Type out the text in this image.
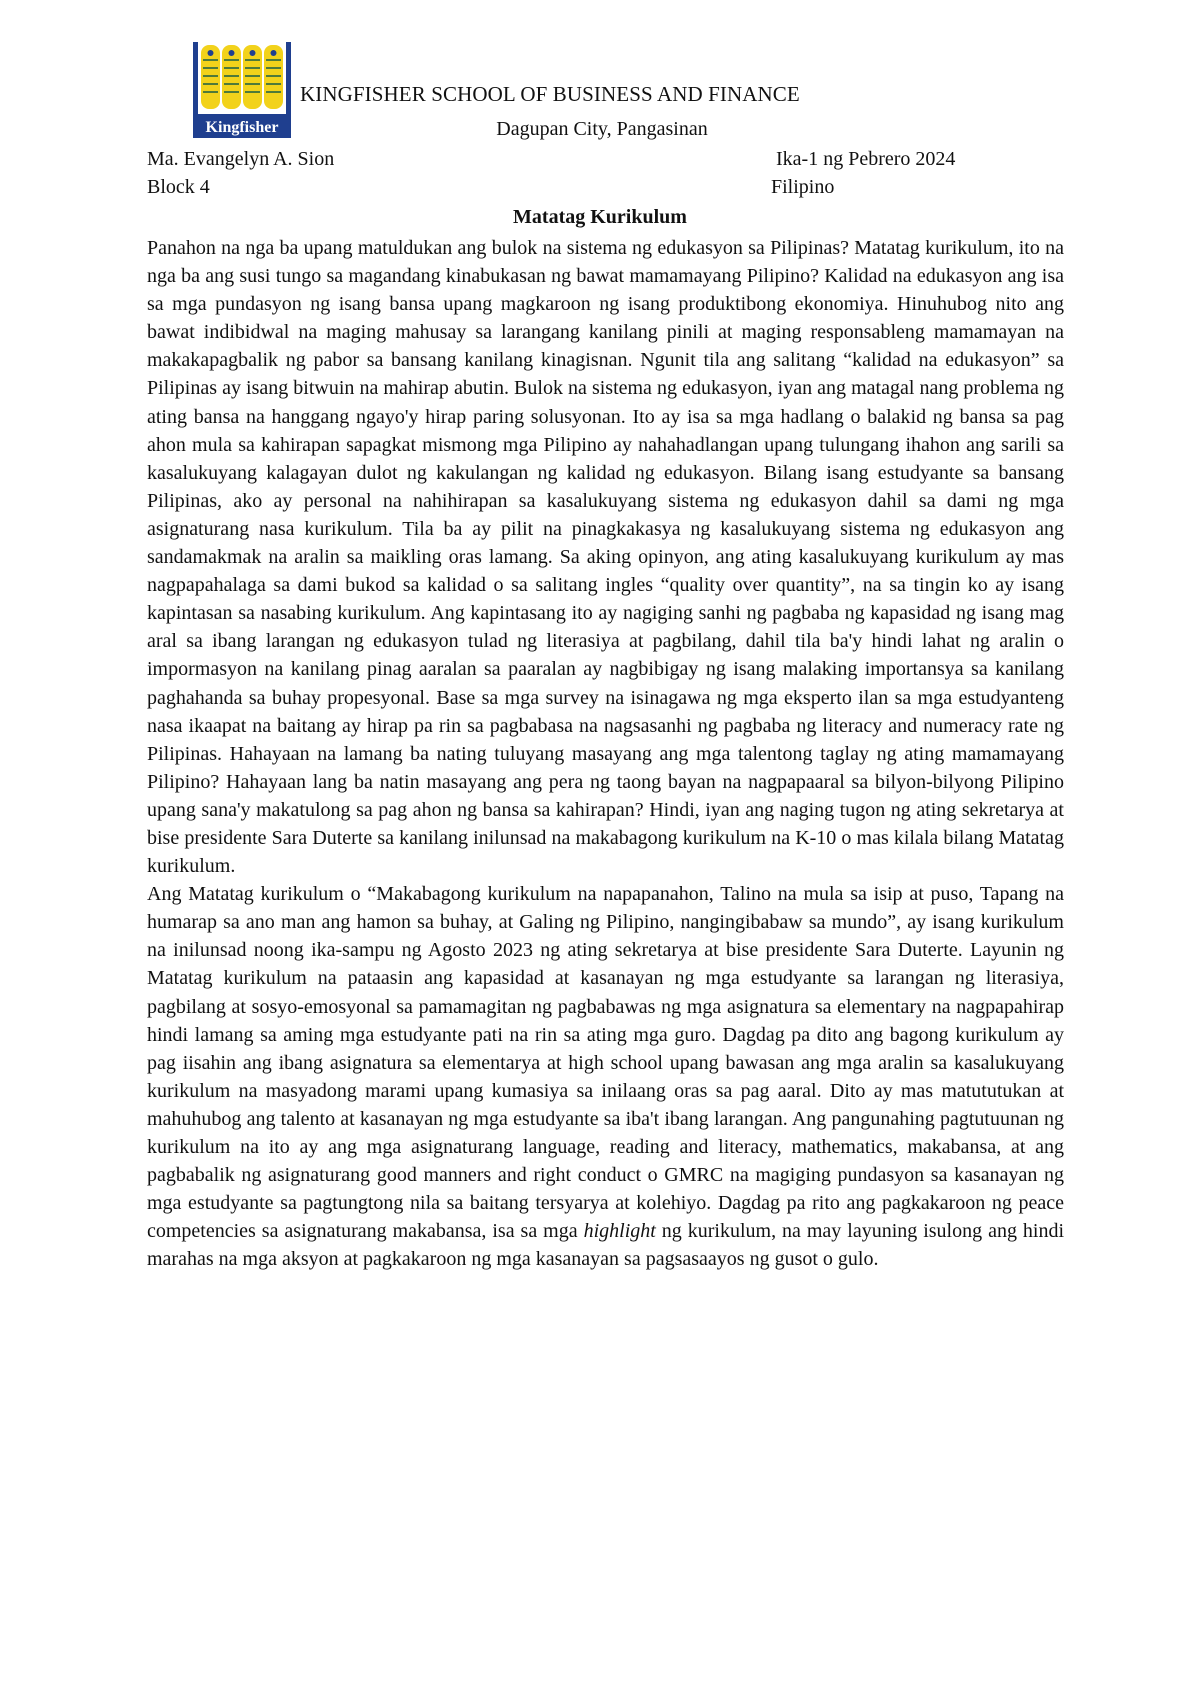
Kingfisher
KINGFISHER SCHOOL OF BUSINESS AND FINANCE
Dagupan City, Pangasinan
Ma. Evangelyn A. Sion	Ika-1 ng Pebrero 2024
Block 4	Filipino
Matatag Kurikulum

Panahon na nga ba upang matuldukan ang bulok na sistema ng edukasyon sa Pilipinas? Matatag kurikulum, ito na nga ba ang susi tungo sa magandang kinabukasan ng bawat mamamayang Pilipino? Kalidad na edukasyon ang isa sa mga pundasyon ng isang bansa upang magkaroon ng isang produktibong ekonomiya. Hinuhubog nito ang bawat indibidwal na maging mahusay sa larangang kanilang pinili at maging responsableng mamamayan na makakapagbalik ng pabor sa bansang kanilang kinagisnan. Ngunit tila ang salitang “kalidad na edukasyon” sa Pilipinas ay isang bitwuin na mahirap abutin. Bulok na sistema ng edukasyon, iyan ang matagal nang problema ng ating bansa na hanggang ngayo'y hirap paring solusyonan. Ito ay isa sa mga hadlang o balakid ng bansa sa pag ahon mula sa kahirapan sapagkat mismong mga Pilipino ay nahahadlangan upang tulungang ihahon ang sarili sa kasalukuyang kalagayan dulot ng kakulangan ng kalidad ng edukasyon. Bilang isang estudyante sa bansang Pilipinas, ako ay personal na nahihirapan sa kasalukuyang sistema ng edukasyon dahil sa dami ng mga asignaturang nasa kurikulum. Tila ba ay pilit na pinagkakasya ng kasalukuyang sistema ng edukasyon ang sandamakmak na aralin sa maikling oras lamang. Sa aking opinyon, ang ating kasalukuyang kurikulum ay mas nagpapahalaga sa dami bukod sa kalidad o sa salitang ingles “quality over quantity”, na sa tingin ko ay isang kapintasan sa nasabing kurikulum. Ang kapintasang ito ay nagiging sanhi ng pagbaba ng kapasidad ng isang mag aral sa ibang larangan ng edukasyon tulad ng literasiya at pagbilang, dahil tila ba'y hindi lahat ng aralin o impormasyon na kanilang pinag aaralan sa paaralan ay nagbibigay ng isang malaking importansya sa kanilang paghahanda sa buhay propesyonal. Base sa mga survey na isinagawa ng mga eksperto ilan sa mga estudyanteng nasa ikaapat na baitang ay hirap pa rin sa pagbabasa na nagsasanhi ng pagbaba ng literacy and numeracy rate ng Pilipinas. Hahayaan na lamang ba nating tuluyang masayang ang mga talentong taglay ng ating mamamayang Pilipino? Hahayaan lang ba natin masayang ang pera ng taong bayan na nagpapaaral sa bilyon-bilyong Pilipino upang sana'y makatulong sa pag ahon ng bansa sa kahirapan? Hindi, iyan ang naging tugon ng ating sekretarya at bise presidente Sara Duterte sa kanilang inilunsad na makabagong kurikulum na K-10 o mas kilala bilang Matatag kurikulum.

Ang Matatag kurikulum o “Makabagong kurikulum na napapanahon, Talino na mula sa isip at puso, Tapang na humarap sa ano man ang hamon sa buhay, at Galing ng Pilipino, nangingibabaw sa mundo”, ay isang kurikulum na inilunsad noong ika-sampu ng Agosto 2023 ng ating sekretarya at bise presidente Sara Duterte. Layunin ng Matatag kurikulum na pataasin ang kapasidad at kasanayan ng mga estudyante sa larangan ng literasiya, pagbilang at sosyo-emosyonal sa pamamagitan ng pagbabawas ng mga asignatura sa elementary na nagpapahirap hindi lamang sa aming mga estudyante pati na rin sa ating mga guro. Dagdag pa dito ang bagong kurikulum ay pag iisahin ang ibang asignatura sa elementarya at high school upang bawasan ang mga aralin sa kasalukuyang kurikulum na masyadong marami upang kumasiya sa inilaang oras sa pag aaral. Dito ay mas matututukan at mahuhubog ang talento at kasanayan ng mga estudyante sa iba't ibang larangan. Ang pangunahing pagtutuunan ng kurikulum na ito ay ang mga asignaturang language, reading and literacy, mathematics, makabansa, at ang pagbabalik ng asignaturang good manners and right conduct o GMRC na magiging pundasyon sa kasanayan ng mga estudyante sa pagtungtong nila sa baitang tersyarya at kolehiyo. Dagdag pa rito ang pagkakaroon ng peace competencies sa asignaturang makabansa, isa sa mga highlight ng kurikulum, na may layuning isulong ang hindi marahas na mga aksyon at pagkakaroon ng mga kasanayan sa pagsasaayos ng gusot o gulo.
